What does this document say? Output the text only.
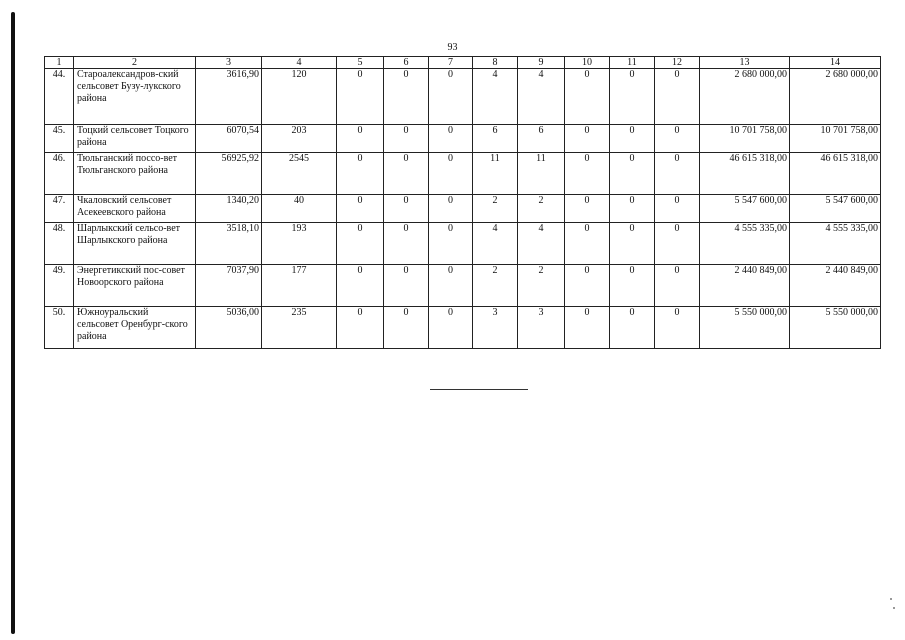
93
1	2	3	4	5	6	7	8	9	10	11	12	13	14
44.	Староалександров-ский сельсовет Бузу-лукского района	3616,90	120	0	0	0	4	4	0	0	0	2 680 000,00	2 680 000,00
45.	Тоцкий сельсовет Тоцкого района	6070,54	203	0	0	0	6	6	0	0	0	10 701 758,00	10 701 758,00
46.	Тюльганский поссо-вет Тюльганского района	56925,92	2545	0	0	0	11	11	0	0	0	46 615 318,00	46 615 318,00
47.	Чкаловский сельсовет Асекеевского района	1340,20	40	0	0	0	2	2	0	0	0	5 547 600,00	5 547 600,00
48.	Шарлыкский сельсо-вет Шарлыкского района	3518,10	193	0	0	0	4	4	0	0	0	4 555 335,00	4 555 335,00
49.	Энергетикский пос-совет Новоорского района	7037,90	177	0	0	0	2	2	0	0	0	2 440 849,00	2 440 849,00
50.	Южноуральский сельсовет Оренбург-ского района	5036,00	235	0	0	0	3	3	0	0	0	5 550 000,00	5 550 000,00
